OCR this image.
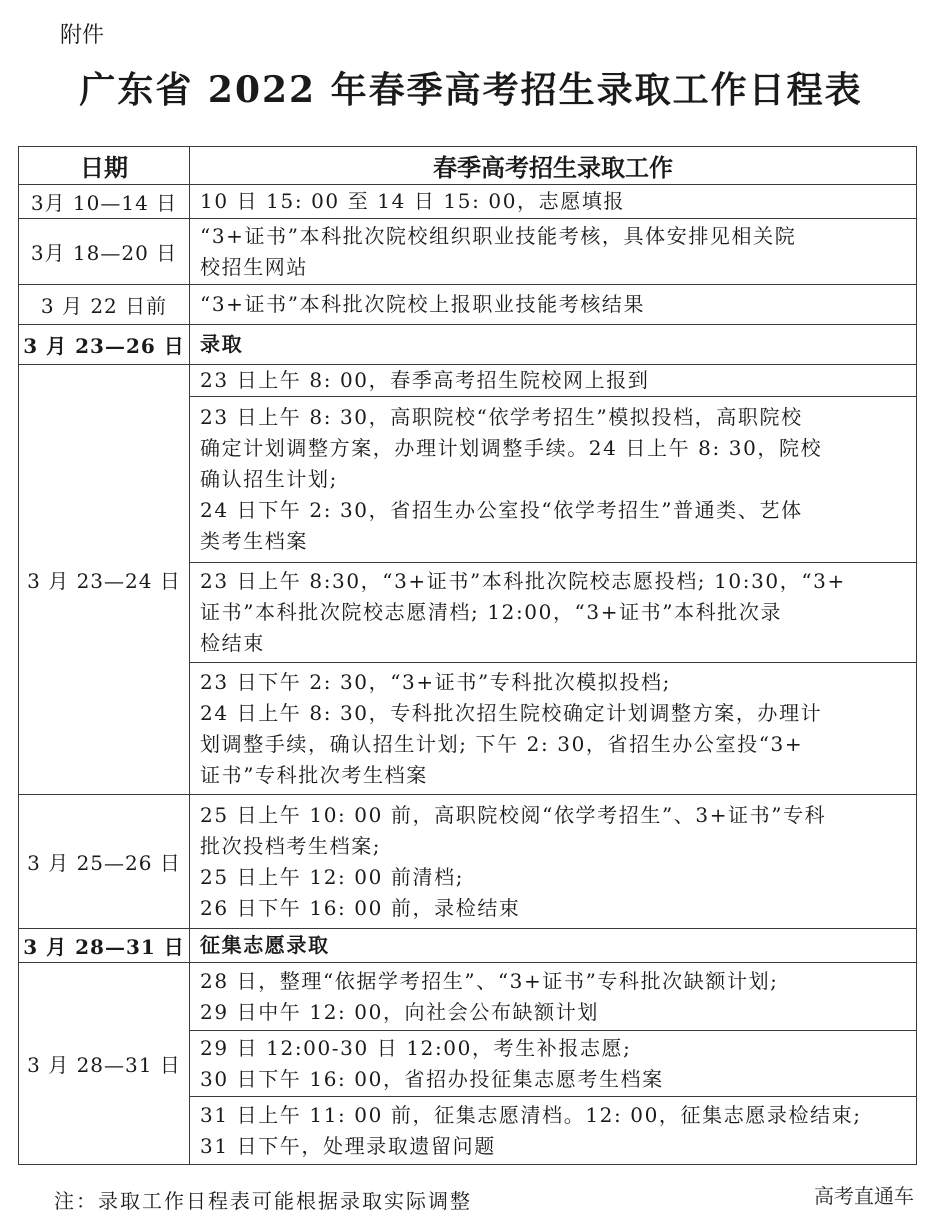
附件
广东省 2022 年春季高考招生录取工作日程表
日期	春季高考招生录取工作
3月 10—14 日	10 日 15: 00 至 14 日 15: 00，志愿填报

3月 18—20 日	“3+证书”本科批次院校组织职业技能考核，具体安排见相关院
校招生网站

3 月 22 日前	“3+证书”本科批次院校上报职业技能考核结果

3 月 23—26 日	录取

3 月 23—24 日	23 日上午 8: 00，春季高考招生院校网上报到

	23 日上午 8: 30，高职院校“依学考招生”模拟投档，高职院校
确定计划调整方案，办理计划调整手续。24 日上午 8: 30，院校
确认招生计划;
24 日下午 2: 30，省招生办公室投“依学考招生”普通类、艺体
类考生档案

	23 日上午 8:30，“3+证书”本科批次院校志愿投档; 10:30，“3+
证书”本科批次院校志愿清档; 12:00，“3+证书”本科批次录
检结束

	23 日下午 2: 30，“3+证书”专科批次模拟投档;
24 日上午 8: 30，专科批次招生院校确定计划调整方案，办理计
划调整手续，确认招生计划; 下午 2: 30，省招生办公室投“3+
证书”专科批次考生档案

3 月 25—26 日	25 日上午 10: 00 前，高职院校阅“依学考招生”、3+证书”专科
批次投档考生档案;
25 日上午 12: 00 前清档;
26 日下午 16: 00 前，录检结束

3 月 28—31 日	征集志愿录取

3 月 28—31 日	28 日，整理“依据学考招生”、“3+证书”专科批次缺额计划;
29 日中午 12: 00，向社会公布缺额计划

	29 日 12:00-30 日 12:00，考生补报志愿;
30 日下午 16: 00，省招办投征集志愿考生档案

	31 日上午 11: 00 前，征集志愿清档。12: 00，征集志愿录检结束;
31 日下午，处理录取遗留问题
注：录取工作日程表可能根据录取实际调整	高考直通车
